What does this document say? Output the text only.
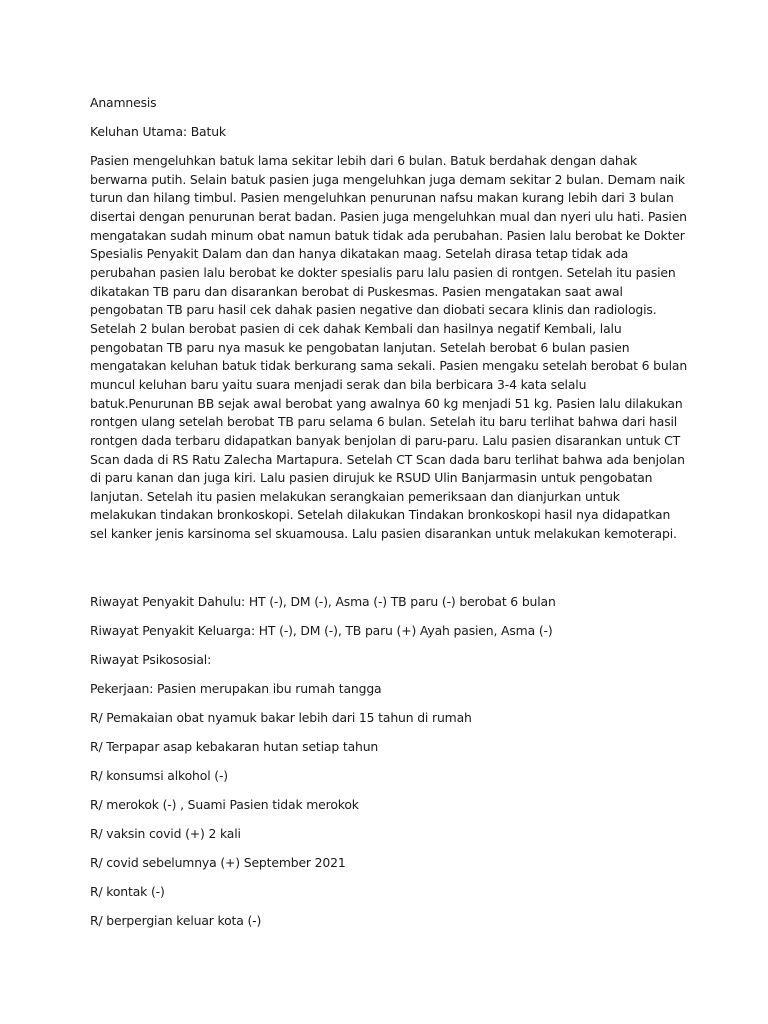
Anamnesis

Keluhan Utama: Batuk

Pasien mengeluhkan batuk lama sekitar lebih dari 6 bulan. Batuk berdahak dengan dahak berwarna putih. Selain batuk pasien juga mengeluhkan juga demam sekitar 2 bulan. Demam naik turun dan hilang timbul. Pasien mengeluhkan penurunan nafsu makan kurang lebih dari 3 bulan disertai dengan penurunan berat badan. Pasien juga mengeluhkan mual dan nyeri ulu hati. Pasien mengatakan sudah minum obat namun batuk tidak ada perubahan. Pasien lalu berobat ke Dokter Spesialis Penyakit Dalam dan dan hanya dikatakan maag. Setelah dirasa tetap tidak ada perubahan pasien lalu berobat ke dokter spesialis paru lalu pasien di rontgen. Setelah itu pasien dikatakan TB paru dan disarankan berobat di Puskesmas. Pasien mengatakan saat awal pengobatan TB paru hasil cek dahak pasien negative dan diobati secara klinis dan radiologis. Setelah 2 bulan berobat pasien di cek dahak Kembali dan hasilnya negatif Kembali, lalu pengobatan TB paru nya masuk ke pengobatan lanjutan. Setelah berobat 6 bulan pasien mengatakan keluhan batuk tidak berkurang sama sekali. Pasien mengaku setelah berobat 6 bulan muncul keluhan baru yaitu suara menjadi serak dan bila berbicara 3-4 kata selalu batuk.Penurunan BB sejak awal berobat yang awalnya 60 kg menjadi 51 kg. Pasien lalu dilakukan rontgen ulang setelah berobat TB paru selama 6 bulan. Setelah itu baru terlihat bahwa dari hasil rontgen dada terbaru didapatkan banyak benjolan di paru-paru. Lalu pasien disarankan untuk CT Scan dada di RS Ratu Zalecha Martapura. Setelah CT Scan dada baru terlihat bahwa ada benjolan di paru kanan dan juga kiri. Lalu pasien dirujuk ke RSUD Ulin Banjarmasin untuk pengobatan lanjutan. Setelah itu pasien melakukan serangkaian pemeriksaan dan dianjurkan untuk melakukan tindakan bronkoskopi. Setelah dilakukan Tindakan bronkoskopi hasil nya didapatkan sel kanker jenis karsinoma sel skuamousa. Lalu pasien disarankan untuk melakukan kemoterapi.

Riwayat Penyakit Dahulu: HT (-), DM (-), Asma (-) TB paru (-) berobat 6 bulan
Riwayat Penyakit Keluarga: HT (-), DM (-), TB paru (+) Ayah pasien, Asma (-)
Riwayat Psikososial:
Pekerjaan: Pasien merupakan ibu rumah tangga
R/ Pemakaian obat nyamuk bakar lebih dari 15 tahun di rumah
R/ Terpapar asap kebakaran hutan setiap tahun
R/ konsumsi alkohol (-)
R/ merokok (-) , Suami Pasien tidak merokok
R/ vaksin covid (+) 2 kali
R/ covid sebelumnya (+) September 2021
R/ kontak (-)
R/ berpergian keluar kota (-)
